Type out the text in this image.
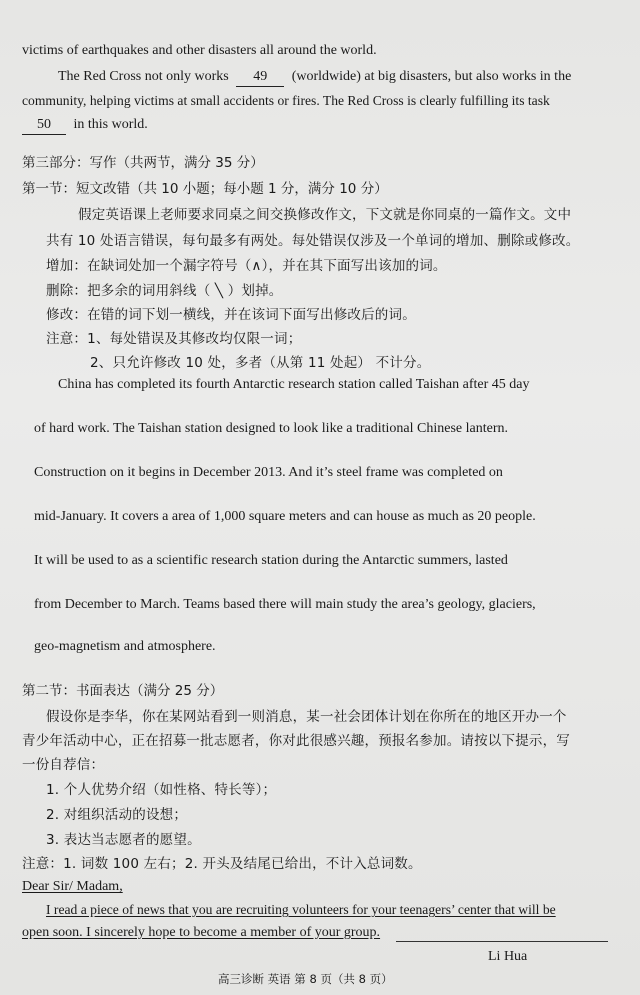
victims of earthquakes and other disasters all around the world.
The Red Cross not only works 49 (worldwide) at big disasters, but also works in the
community, helping victims at small accidents or fires. The Red Cross is clearly fulfilling its task
50 in this world.
第三部分：写作（共两节，满分 35 分）
第一节：短文改错（共 10 小题；每小题 1 分，满分 10 分）
假定英语课上老师要求同桌之间交换修改作文，下文就是你同桌的一篇作文。文中
共有 10 处语言错误，每句最多有两处。每处错误仅涉及一个单词的增加、删除或修改。
增加：在缺词处加一个漏字符号（∧），并在其下面写出该加的词。
删除：把多余的词用斜线（ ╲ ）划掉。
修改：在错的词下划一横线，并在该词下面写出修改后的词。
注意：1、每处错误及其修改均仅限一词；
2、只允许修改 10 处，多者（从第 11 处起） 不计分。
China has completed its fourth Antarctic research station called Taishan after 45 day
of hard work. The Taishan station designed to look like a traditional Chinese lantern.
Construction on it begins in December 2013. And it’s steel frame was completed on
mid-January. It covers a area of 1,000 square meters and can house as much as 20 people.
It will be used to as a scientific research station during the Antarctic summers, lasted
from December to March. Teams based there will main study the area’s geology, glaciers,
geo-magnetism and atmosphere.
第二节：书面表达（满分 25 分）
假设你是李华，你在某网站看到一则消息，某一社会团体计划在你所在的地区开办一个
青少年活动中心，正在招募一批志愿者，你对此很感兴趣，预报名参加。请按以下提示，写
一份自荐信：
1. 个人优势介绍（如性格、特长等）；
2. 对组织活动的设想；
3. 表达当志愿者的愿望。
注意：1. 词数 100 左右；2. 开头及结尾已给出，不计入总词数。
Dear Sir/ Madam,
I read a piece of news that you are recruiting volunteers for your teenagers’ center that will be
open soon. I sincerely hope to become a member of your group.
Li Hua
高三诊断 英语 第 8 页（共 8 页）
